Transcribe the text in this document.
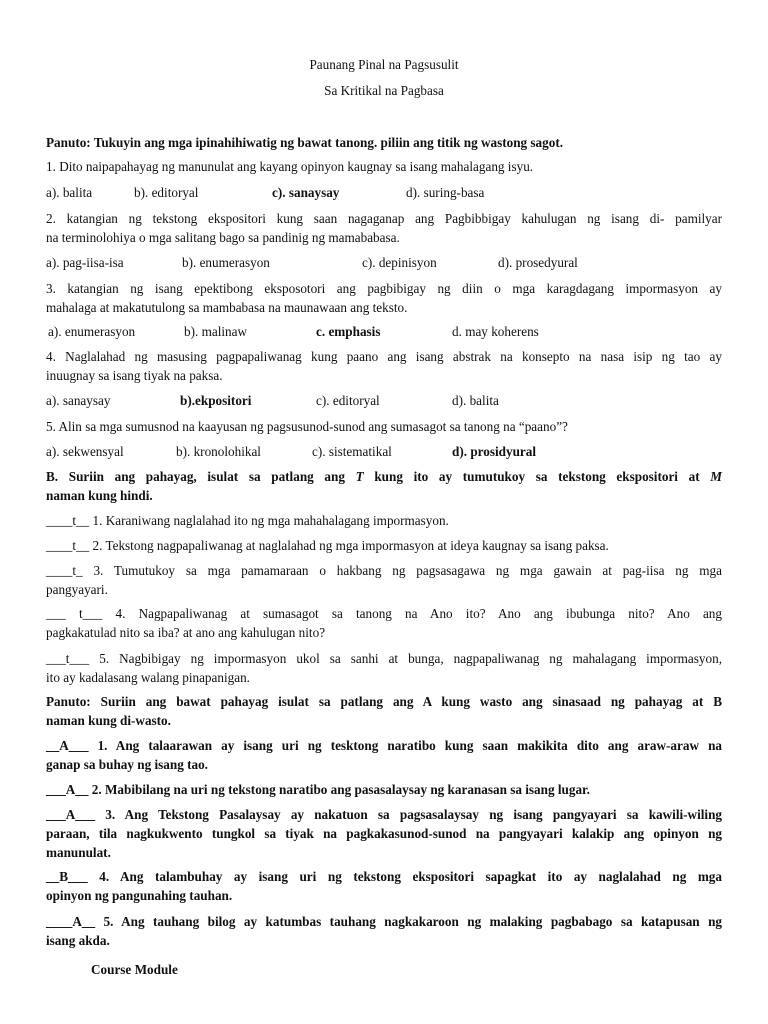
Paunang Pinal na Pagsusulit
Sa Kritikal na Pagbasa
Panuto: Tukuyin ang mga ipinahihiwatig ng bawat tanong. piliin ang titik ng wastong sagot.
1. Dito naipapahayag ng manunulat ang kayang opinyon kaugnay sa isang mahalagang isyu.
a). balita	b). editoryal	c). sanaysay	d). suring-basa
2. katangian ng tekstong ekspositori kung saan nagaganap ang Pagbibbigay kahulugan ng isang di- pamilyar
na terminolohiya o mga salitang bago sa pandinig ng mamababasa.
a). pag-iisa-isa	b). enumerasyon	c). depinisyon	d). prosedyural
3. katangian ng isang epektibong eksposotori ang pagbibigay ng diin o mga karagdagang impormasyon ay
mahalaga at makatutulong sa mambabasa na maunawaan ang teksto.
a). enumerasyon	b). malinaw	c. emphasis	d. may koherens
4. Naglalahad ng masusing pagpapaliwanag kung paano ang isang abstrak na konsepto na nasa isip ng tao ay
inuugnay sa isang tiyak na paksa.
a). sanaysay	b).ekpositori	c). editoryal	d). balita
5. Alin sa mga sumusnod na kaayusan ng pagsusunod-sunod ang sumasagot sa tanong na “paano”?
a). sekwensyal	b). kronolohikal	c). sistematikal	d). prosidyural
B. Suriin ang pahayag, isulat sa patlang ang T kung ito ay tumutukoy sa tekstong ekspositori at M
naman kung hindi.
____t__ 1. Karaniwang naglalahad ito ng mga mahahalagang impormasyon.
____t__ 2. Tekstong nagpapaliwanag at naglalahad ng mga impormasyon at ideya kaugnay sa isang paksa.
____t_ 3. Tumutukoy sa mga pamamaraan o hakbang ng pagsasagawa ng mga gawain at pag-iisa ng mga
pangyayari.
___ t___ 4. Nagpapaliwanag at sumasagot sa tanong na Ano ito? Ano ang ibubunga nito? Ano ang
pagkakatulad nito sa iba? at ano ang kahulugan nito?
___t___ 5. Nagbibigay ng impormasyon ukol sa sanhi at bunga, nagpapaliwanag ng mahalagang impormasyon,
ito ay kadalasang walang pinapanigan.
Panuto: Suriin ang bawat pahayag isulat sa patlang ang A kung wasto ang sinasaad ng pahayag at B
naman kung di-wasto.
__A___ 1. Ang talaarawan ay isang uri ng tesktong naratibo kung saan makikita dito ang araw-araw na
ganap sa buhay ng isang tao.
___A__ 2. Mabibilang na uri ng tekstong naratibo ang pasasalaysay ng karanasan sa isang lugar.
___A___ 3. Ang Tekstong Pasalaysay ay nakatuon sa pagsasalaysay ng isang pangyayari sa kawili-wiling
paraan, tila nagkukwento tungkol sa tiyak na pagkakasunod-sunod na pangyayari kalakip ang opinyon ng
manunulat.
__B___ 4. Ang talambuhay ay isang uri ng tekstong ekspositori sapagkat ito ay naglalahad ng mga
opinyon ng pangunahing tauhan.
____A__ 5. Ang tauhang bilog ay katumbas tauhang nagkakaroon ng malaking pagbabago sa katapusan ng
isang akda.
Course Module
